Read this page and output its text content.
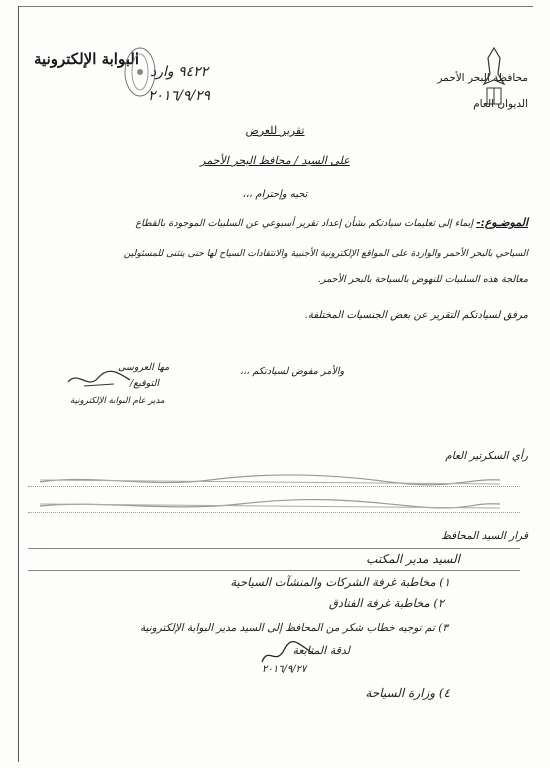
محافظة البحر الأحمر
الديوان العام
البوابة الإلكترونية
٩٤٢٢ وارد
٢٠١٦/٩/٢٩
تقرير للعرض
على السيد / محافظ البحر الأحمر
تحيه وإحترام ،،،
الموضـوع:- إيماء إلى تعليمات سيادتكم بشأن إعداد تقرير أسبوعي عن السلبيات الموجودة بالقطاع
السياحي بالبحر الأحمر والواردة على المواقع الإلكترونية الأجنبية والانتقادات السياح لها حتى يتثنى للمسئولين
معالجة هذه السلبيات للنهوض بالسياحة بالبحر الأحمر.
مرفق لسيادتكم التقرير عن بعض الجنسيات المختلفة.
والأمر مفوض لسيادتكم ،،،
مها العروسى
التوقيع/
مدير عام البوابة الإلكترونية
رأي السكرتير العام
قرار السيد المحافظ
السيد مدير المكتب
١) مخاطبة غرفة الشركات والمنشآت السياحية
٢) مخاطبة غرفة الفنادق
٣) تم توجيه خطاب شكر من المحافظ إلى السيد مدير البوابة الإلكترونية
لدقة المتابعة
٢٠١٦/٩/٢٧
٤) وزارة السياحة
